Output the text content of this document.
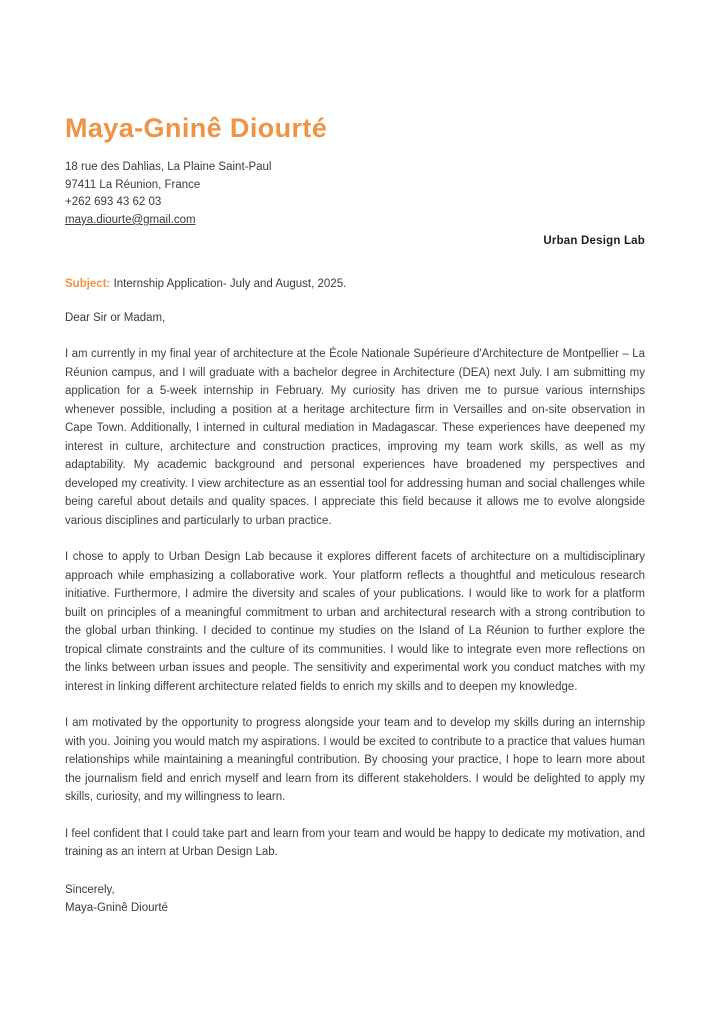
Maya-Gninê Diourté
18 rue des Dahlias, La Plaine Saint-Paul
97411 La Réunion, France
+262 693 43 62 03
maya.diourte@gmail.com
Urban Design Lab
Subject: Internship Application- July and August, 2025.
Dear Sir or Madam,

I am currently in my final year of architecture at the École Nationale Supérieure d'Architecture de Montpellier – La Réunion campus, and I will graduate with a bachelor degree in Architecture (DEA) next July. I am submitting my application for a 5-week internship in February. My curiosity has driven me to pursue various internships whenever possible, including a position at a heritage architecture firm in Versailles and on-site observation in Cape Town. Additionally, I interned in cultural mediation in Madagascar. These experiences have deepened my interest in culture, architecture and construction practices, improving my team work skills, as well as my adaptability. My academic background and personal experiences have broadened my perspectives and developed my creativity. I view architecture as an essential tool for addressing human and social challenges while being careful about details and quality spaces. I appreciate this field because it allows me to evolve alongside various disciplines and particularly to urban practice.

I chose to apply to Urban Design Lab because it explores different facets of architecture on a multidisciplinary approach while emphasizing a collaborative work. Your platform reflects a thoughtful and meticulous research initiative. Furthermore, I admire the diversity and scales of your publications. I would like to work for a platform built on principles of a meaningful commitment to urban and architectural research with a strong contribution to the global urban thinking. I decided to continue my studies on the Island of La Réunion to further explore the tropical climate constraints and the culture of its communities. I would like to integrate even more reflections on the links between urban issues and people. The sensitivity and experimental work you conduct matches with my interest in linking different architecture related fields to enrich my skills and to deepen my knowledge.

I am motivated by the opportunity to progress alongside your team and to develop my skills during an internship with you. Joining you would match my aspirations. I would be excited to contribute to a practice that values human relationships while maintaining a meaningful contribution. By choosing your practice, I hope to learn more about the journalism field and enrich myself and learn from its different stakeholders. I would be delighted to apply my skills, curiosity, and my willingness to learn.

I feel confident that I could take part and learn from your team and would be happy to dedicate my motivation, and training as an intern at Urban Design Lab.

Sincerely,
Maya-Gninê Diourté
